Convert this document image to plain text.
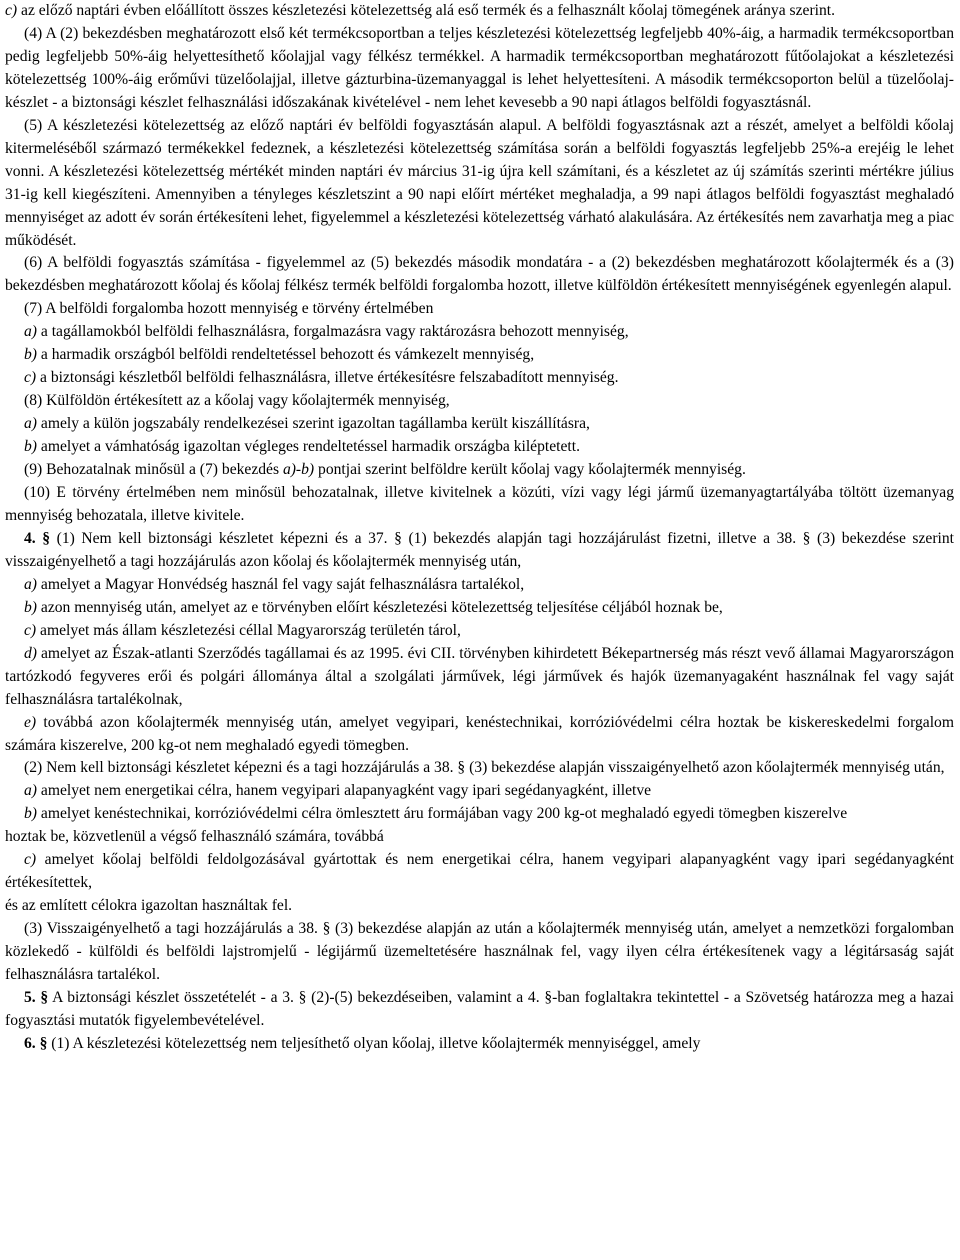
c) az előző naptári évben előállított összes készletezési kötelezettség alá eső termék és a felhasznált kőolaj tömegének aránya szerint.

(4) A (2) bekezdésben meghatározott első két termékcsoportban a teljes készletezési kötelezettség legfeljebb 40%-áig, a harmadik termékcsoportban pedig legfeljebb 50%-áig helyettesíthető kőolajjal vagy félkész termékkel. A harmadik termékcsoportban meghatározott fűtőolajokat a készletezési kötelezettség 100%-áig erőművi tüzelőolajjal, illetve gázturbina-üzemanyaggal is lehet helyettesíteni. A második termékcsoporton belül a tüzelőolaj-készlet - a biztonsági készlet felhasználási időszakának kivételével - nem lehet kevesebb a 90 napi átlagos belföldi fogyasztásnál.

(5) A készletezési kötelezettség az előző naptári év belföldi fogyasztásán alapul. A belföldi fogyasztásnak azt a részét, amelyet a belföldi kőolaj kitermeléséből származó termékekkel fedeznek, a készletezési kötelezettség számítása során a belföldi fogyasztás legfeljebb 25%-a erejéig le lehet vonni. A készletezési kötelezettség mértékét minden naptári év március 31-ig újra kell számítani, és a készletet az új számítás szerinti mértékre július 31-ig kell kiegészíteni. Amennyiben a tényleges készletszint a 90 napi előírt mértéket meghaladja, a 99 napi átlagos belföldi fogyasztást meghaladó mennyiséget az adott év során értékesíteni lehet, figyelemmel a készletezési kötelezettség várható alakulására. Az értékesítés nem zavarhatja meg a piac működését.

(6) A belföldi fogyasztás számítása - figyelemmel az (5) bekezdés második mondatára - a (2) bekezdésben meghatározott kőolajtermék és a (3) bekezdésben meghatározott kőolaj és kőolaj félkész termék belföldi forgalomba hozott, illetve külföldön értékesített mennyiségének egyenlegén alapul.

(7) A belföldi forgalomba hozott mennyiség e törvény értelmében

a) a tagállamokból belföldi felhasználásra, forgalmazásra vagy raktározásra behozott mennyiség,

b) a harmadik országból belföldi rendeltetéssel behozott és vámkezelt mennyiség,

c) a biztonsági készletből belföldi felhasználásra, illetve értékesítésre felszabadított mennyiség.

(8) Külföldön értékesített az a kőolaj vagy kőolajtermék mennyiség,

a) amely a külön jogszabály rendelkezései szerint igazoltan tagállamba került kiszállításra,

b) amelyet a vámhatóság igazoltan végleges rendeltetéssel harmadik országba kiléptetett.

(9) Behozatalnak minősül a (7) bekezdés a)-b) pontjai szerint belföldre került kőolaj vagy kőolajtermék mennyiség.

(10) E törvény értelmében nem minősül behozatalnak, illetve kivitelnek a közúti, vízi vagy légi jármű üzemanyagtartályába töltött üzemanyag mennyiség behozatala, illetve kivitele.

4. § (1) Nem kell biztonsági készletet képezni és a 37. § (1) bekezdés alapján tagi hozzájárulást fizetni, illetve a 38. § (3) bekezdése szerint visszaigényelhető a tagi hozzájárulás azon kőolaj és kőolajtermék mennyiség után,

a) amelyet a Magyar Honvédség használ fel vagy saját felhasználásra tartalékol,

b) azon mennyiség után, amelyet az e törvényben előírt készletezési kötelezettség teljesítése céljából hoznak be,

c) amelyet más állam készletezési céllal Magyarország területén tárol,

d) amelyet az Észak-atlanti Szerződés tagállamai és az 1995. évi CII. törvényben kihirdetett Békepartnerség más részt vevő államai Magyarországon tartózkodó fegyveres erői és polgári állománya által a szolgálati járművek, légi járművek és hajók üzemanyagaként használnak fel vagy saját felhasználásra tartalékolnak,

e) továbbá azon kőolajtermék mennyiség után, amelyet vegyipari, kenéstechnikai, korrózióvédelmi célra hoztak be kiskereskedelmi forgalom számára kiszerelve, 200 kg-ot nem meghaladó egyedi tömegben.

(2) Nem kell biztonsági készletet képezni és a tagi hozzájárulás a 38. § (3) bekezdése alapján visszaigényelhető azon kőolajtermék mennyiség után,

a) amelyet nem energetikai célra, hanem vegyipari alapanyagként vagy ipari segédanyagként, illetve

b) amelyet kenéstechnikai, korrózióvédelmi célra ömlesztett áru formájában vagy 200 kg-ot meghaladó egyedi tömegben kiszerelve

hoztak be, közvetlenül a végső felhasználó számára, továbbá

c) amelyet kőolaj belföldi feldolgozásával gyártottak és nem energetikai célra, hanem vegyipari alapanyagként vagy ipari segédanyagként értékesítettek,

és az említett célokra igazoltan használtak fel.

(3) Visszaigényelhető a tagi hozzájárulás a 38. § (3) bekezdése alapján az után a kőolajtermék mennyiség után, amelyet a nemzetközi forgalomban közlekedő - külföldi és belföldi lajstromjelű - légijármű üzemeltetésére használnak fel, vagy ilyen célra értékesítenek vagy a légitársaság saját felhasználásra tartalékol.

5. § A biztonsági készlet összetételét - a 3. § (2)-(5) bekezdéseiben, valamint a 4. §-ban foglaltakra tekintettel - a Szövetség határozza meg a hazai fogyasztási mutatók figyelembevételével.

6. § (1) A készletezési kötelezettség nem teljesíthető olyan kőolaj, illetve kőolajtermék mennyiséggel, amely
